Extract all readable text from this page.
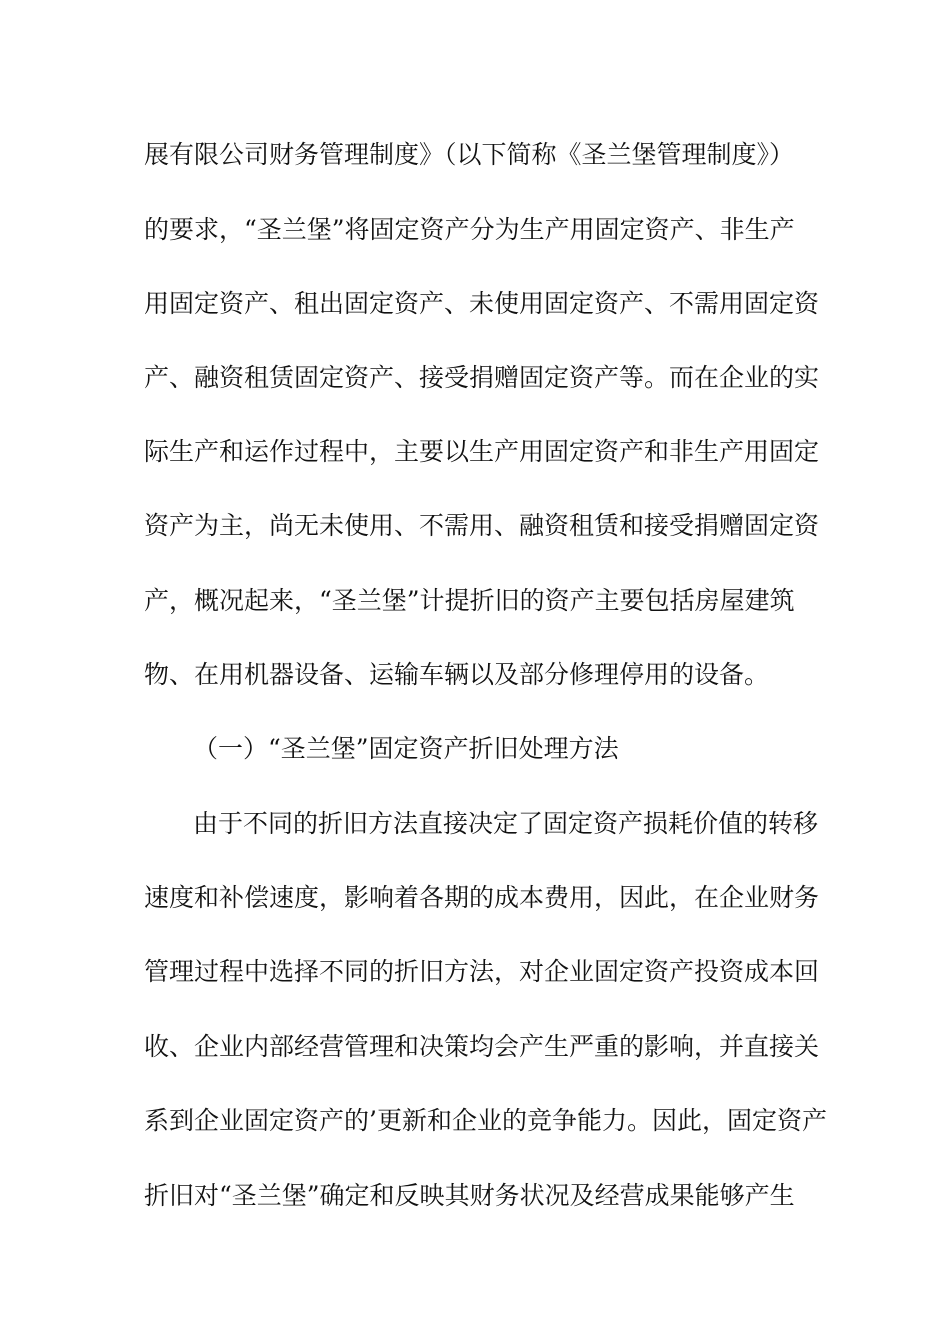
展有限公司财务管理制度》（以下简称《圣兰堡管理制度》）
的要求，“圣兰堡”将固定资产分为生产用固定资产、非生产
用固定资产、租出固定资产、未使用固定资产、不需用固定资
产、融资租赁固定资产、接受捐赠固定资产等。而在企业的实
际生产和运作过程中，主要以生产用固定资产和非生产用固定
资产为主，尚无未使用、不需用、融资租赁和接受捐赠固定资
产，概况起来，“圣兰堡”计提折旧的资产主要包括房屋建筑
物、在用机器设备、运输车辆以及部分修理停用的设备。
（一）“圣兰堡”固定资产折旧处理方法
由于不同的折旧方法直接决定了固定资产损耗价值的转移
速度和补偿速度，影响着各期的成本费用，因此，在企业财务
管理过程中选择不同的折旧方法，对企业固定资产投资成本回
收、企业内部经营管理和决策均会产生严重的影响，并直接关
系到企业固定资产的’更新和企业的竞争能力。因此，固定资产
折旧对“圣兰堡”确定和反映其财务状况及经营成果能够产生
